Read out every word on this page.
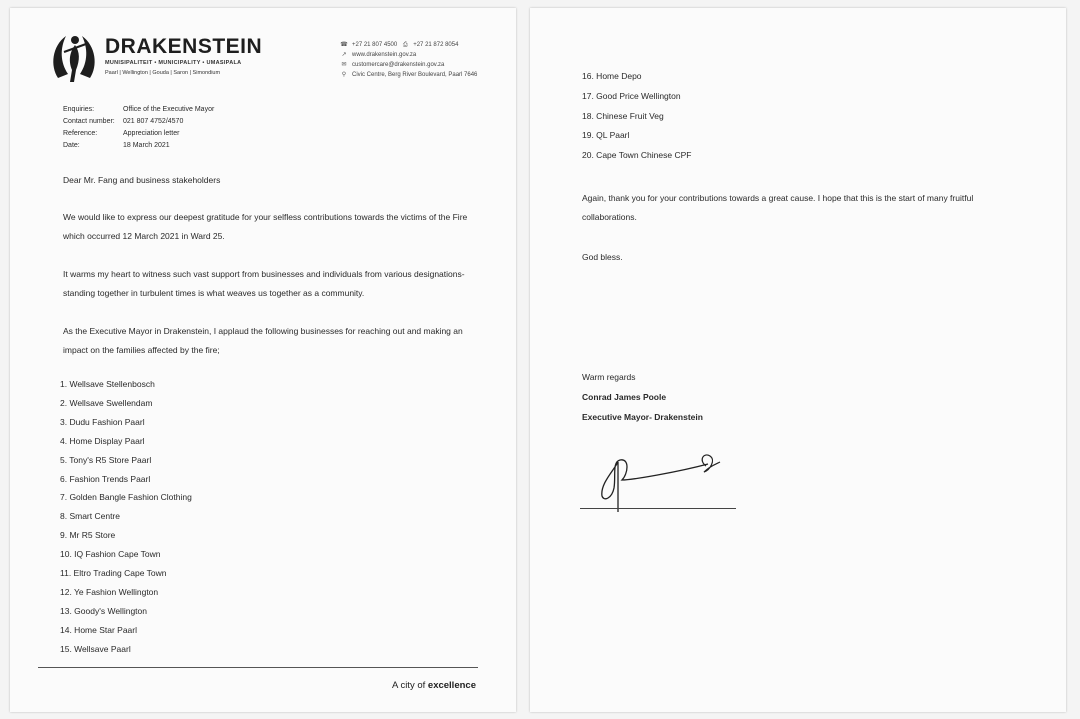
DRAKENSTEIN
MUNISIPALITEIT • MUNICIPALITY • UMASIPALA
Paarl | Wellington | Gouda | Saron | Simondium
☎ +27 21 807 4500 ⎙ +27 21 872 8054
↗ www.drakenstein.gov.za
✉ customercare@drakenstein.gov.za
⚲ Civic Centre, Berg River Boulevard, Paarl 7646
Enquiries:	Office of the Executive Mayor
Contact number:	021 807 4752/4570
Reference:	Appreciation letter
Date:	18 March 2021
Dear Mr. Fang and business stakeholders
We would like to express our deepest gratitude for your selfless contributions towards the victims of the Fire which occurred 12 March 2021 in Ward 25.
It warms my heart to witness such vast support from businesses and individuals from various designations- standing together in turbulent times is what weaves us together as a community.
As the Executive Mayor in Drakenstein, I applaud the following businesses for reaching out and making an impact on the families affected by the fire;
1. Wellsave Stellenbosch
2. Wellsave Swellendam
3. Dudu Fashion Paarl
4. Home Display Paarl
5. Tony's R5 Store Paarl
6. Fashion Trends Paarl
7. Golden Bangle Fashion Clothing
8. Smart Centre
9. Mr R5 Store
10. IQ Fashion Cape Town
11. Eltro Trading Cape Town
12. Ye Fashion Wellington
13. Goody's Wellington
14. Home Star Paarl
15. Wellsave Paarl
A city of excellence
16. Home Depo
17. Good Price Wellington
18. Chinese Fruit Veg
19. QL Paarl
20. Cape Town Chinese CPF
Again, thank you for your contributions towards a great cause. I hope that this is the start of many fruitful collaborations.
God bless.
Warm regards
Conrad James Poole
Executive Mayor- Drakenstein
